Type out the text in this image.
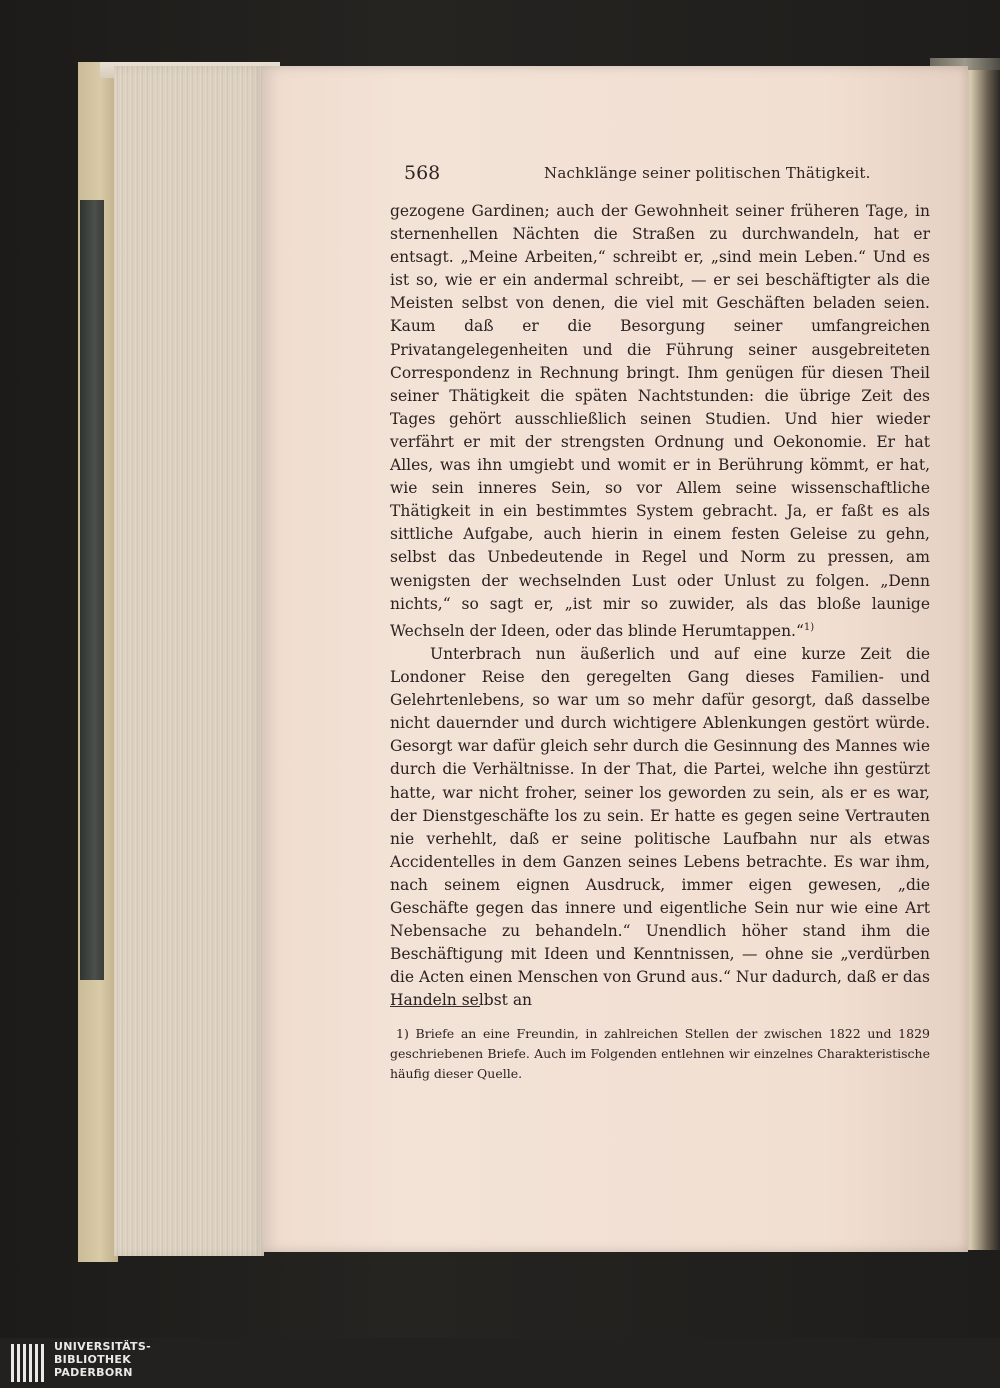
568	Nachklänge seiner politischen Thätigkeit.

gezogene Gardinen; auch der Gewohnheit seiner früheren Tage, in sternenhellen Nächten die Straßen zu durchwandeln, hat er entsagt. „Meine Arbeiten,“ schreibt er, „sind mein Leben.“ Und es ist so, wie er ein andermal schreibt, — er sei beschäftigter als die Meisten selbst von denen, die viel mit Geschäften beladen seien. Kaum daß er die Besorgung seiner umfangreichen Privatangelegenheiten und die Führung seiner ausgebreiteten Correspondenz in Rechnung bringt. Ihm genügen für diesen Theil seiner Thätigkeit die späten Nachtstunden: die übrige Zeit des Tages gehört ausschließlich seinen Studien. Und hier wieder verfährt er mit der strengsten Ordnung und Oekonomie. Er hat Alles, was ihn umgiebt und womit er in Berührung kömmt, er hat, wie sein inneres Sein, so vor Allem seine wissenschaftliche Thätigkeit in ein bestimmtes System gebracht. Ja, er faßt es als sittliche Aufgabe, auch hierin in einem festen Geleise zu gehn, selbst das Unbedeutende in Regel und Norm zu pressen, am wenigsten der wechselnden Lust oder Unlust zu folgen. „Denn nichts,“ so sagt er, „ist mir so zuwider, als das bloße launige Wechseln der Ideen, oder das blinde Herumtappen.“$^{1)}$

Unterbrach nun äußerlich und auf eine kurze Zeit die Londoner Reise den geregelten Gang dieses Familien- und Gelehrtenlebens, so war um so mehr dafür gesorgt, daß dasselbe nicht dauernder und durch wichtigere Ablenkungen gestört würde. Gesorgt war dafür gleich sehr durch die Gesinnung des Mannes wie durch die Verhältnisse. In der That, die Partei, welche ihn gestürzt hatte, war nicht froher, seiner los geworden zu sein, als er es war, der Dienstgeschäfte los zu sein. Er hatte es gegen seine Vertrauten nie verhehlt, daß er seine politische Laufbahn nur als etwas Accidentelles in dem Ganzen seines Lebens betrachte. Es war ihm, nach seinem eignen Ausdruck, immer eigen gewesen, „die Geschäfte gegen das innere und eigentliche Sein nur wie eine Art Nebensache zu behandeln.“ Unendlich höher stand ihm die Beschäftigung mit Ideen und Kenntnissen, — ohne sie „verdürben die Acten einen Menschen von Grund aus.“ Nur dadurch, daß er das Handeln selbst an

1) Briefe an eine Freundin, in zahlreichen Stellen der zwischen 1822 und 1829 geschriebenen Briefe. Auch im Folgenden entlehnen wir einzelnes Charakteristische häufig dieser Quelle.
UNIVERSITÄTS-
BIBLIOTHEK
PADERBORN
